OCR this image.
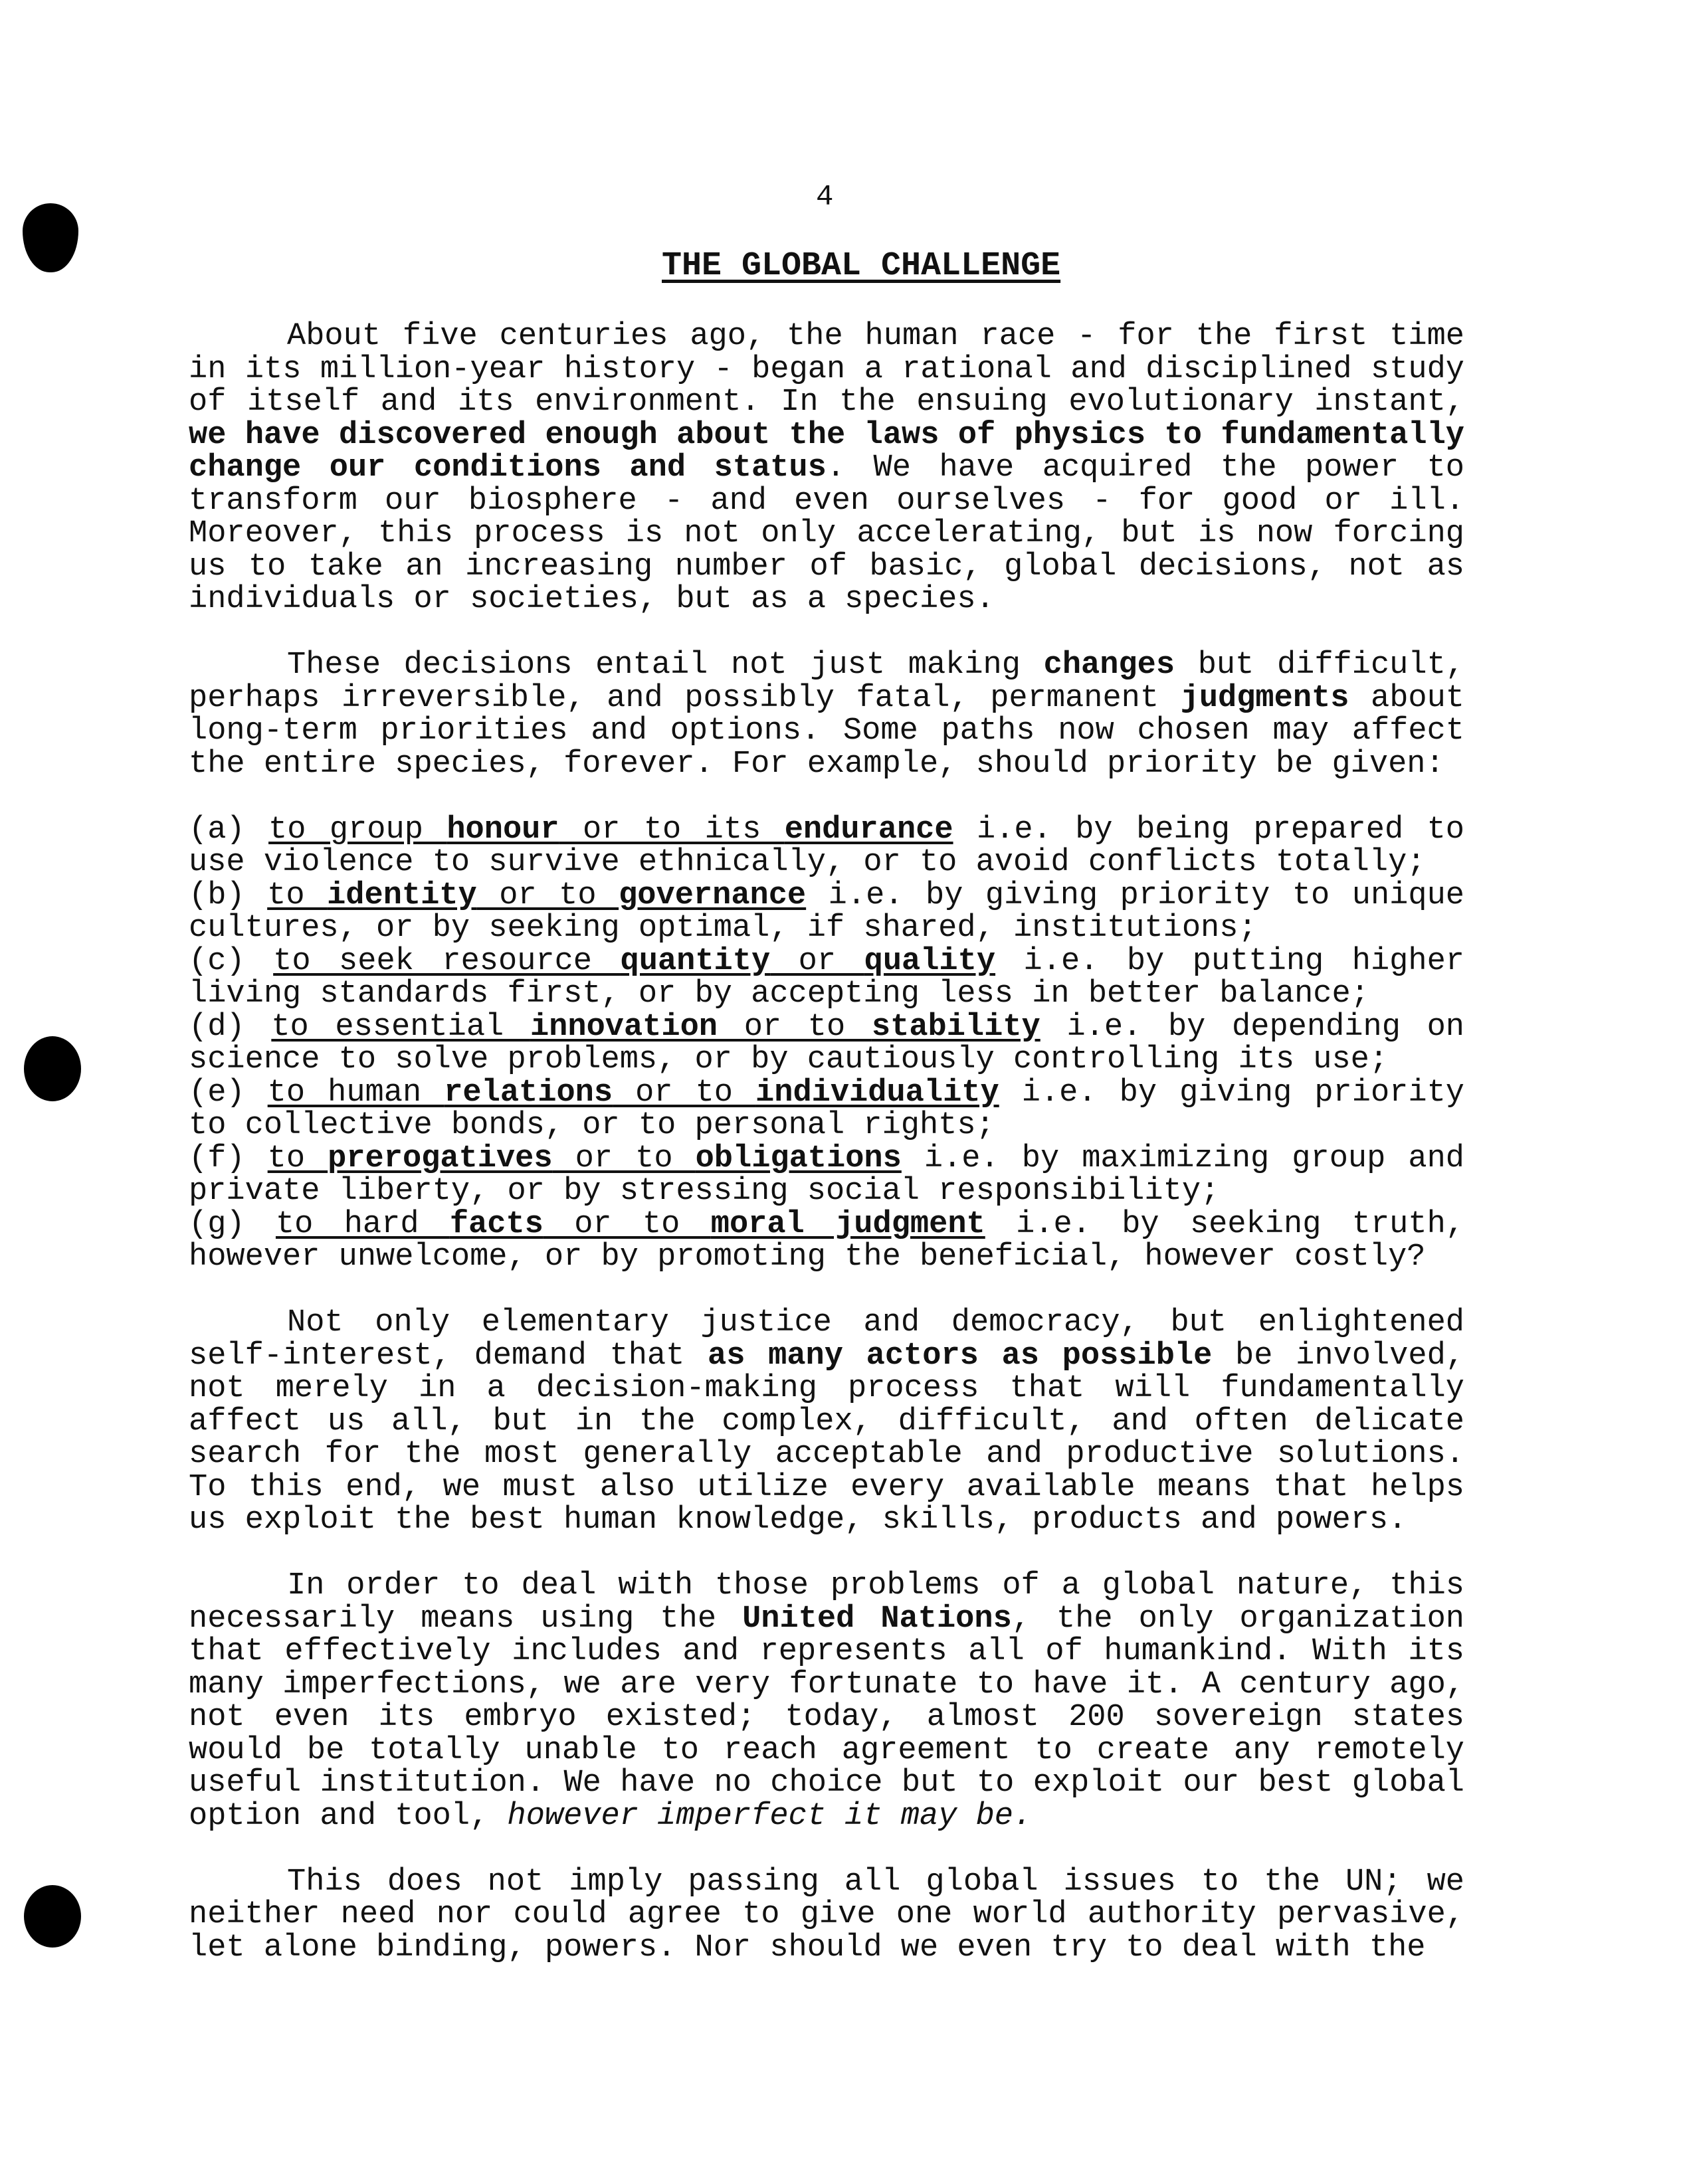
4
THE GLOBAL CHALLENGE

About five centuries ago, the human race - for the first time in its million-year history - began a rational and disciplined study of itself and its environment. In the ensuing evolutionary instant, we have discovered enough about the laws of physics to fundamentally change our conditions and status. We have acquired the power to transform our biosphere - and even ourselves - for good or ill. Moreover, this process is not only accelerating, but is now forcing us to take an increasing number of basic, global decisions, not as individuals or societies, but as a species.

These decisions entail not just making changes but difficult, perhaps irreversible, and possibly fatal, permanent judgments about long-term priorities and options. Some paths now chosen may affect the entire species, forever. For example, should priority be given:

(a) to group honour or to its endurance i.e. by being prepared to use violence to survive ethnically, or to avoid conflicts totally;
(b) to identity or to governance i.e. by giving priority to unique cultures, or by seeking optimal, if shared, institutions;
(c) to seek resource quantity or quality i.e. by putting higher living standards first, or by accepting less in better balance;
(d) to essential innovation or to stability i.e. by depending on science to solve problems, or by cautiously controlling its use;
(e) to human relations or to individuality i.e. by giving priority to collective bonds, or to personal rights;
(f) to prerogatives or to obligations i.e. by maximizing group and private liberty, or by stressing social responsibility;
(g) to hard facts or to moral judgment i.e. by seeking truth, however unwelcome, or by promoting the beneficial, however costly?

Not only elementary justice and democracy, but enlightened self-interest, demand that as many actors as possible be involved, not merely in a decision-making process that will fundamentally affect us all, but in the complex, difficult, and often delicate search for the most generally acceptable and productive solutions. To this end, we must also utilize every available means that helps us exploit the best human knowledge, skills, products and powers.

In order to deal with those problems of a global nature, this necessarily means using the United Nations, the only organization that effectively includes and represents all of humankind. With its many imperfections, we are very fortunate to have it. A century ago, not even its embryo existed; today, almost 200 sovereign states would be totally unable to reach agreement to create any remotely useful institution. We have no choice but to exploit our best global option and tool, however imperfect it may be.

This does not imply passing all global issues to the UN; we neither need nor could agree to give one world authority pervasive, let alone binding, powers. Nor should we even try to deal with the
